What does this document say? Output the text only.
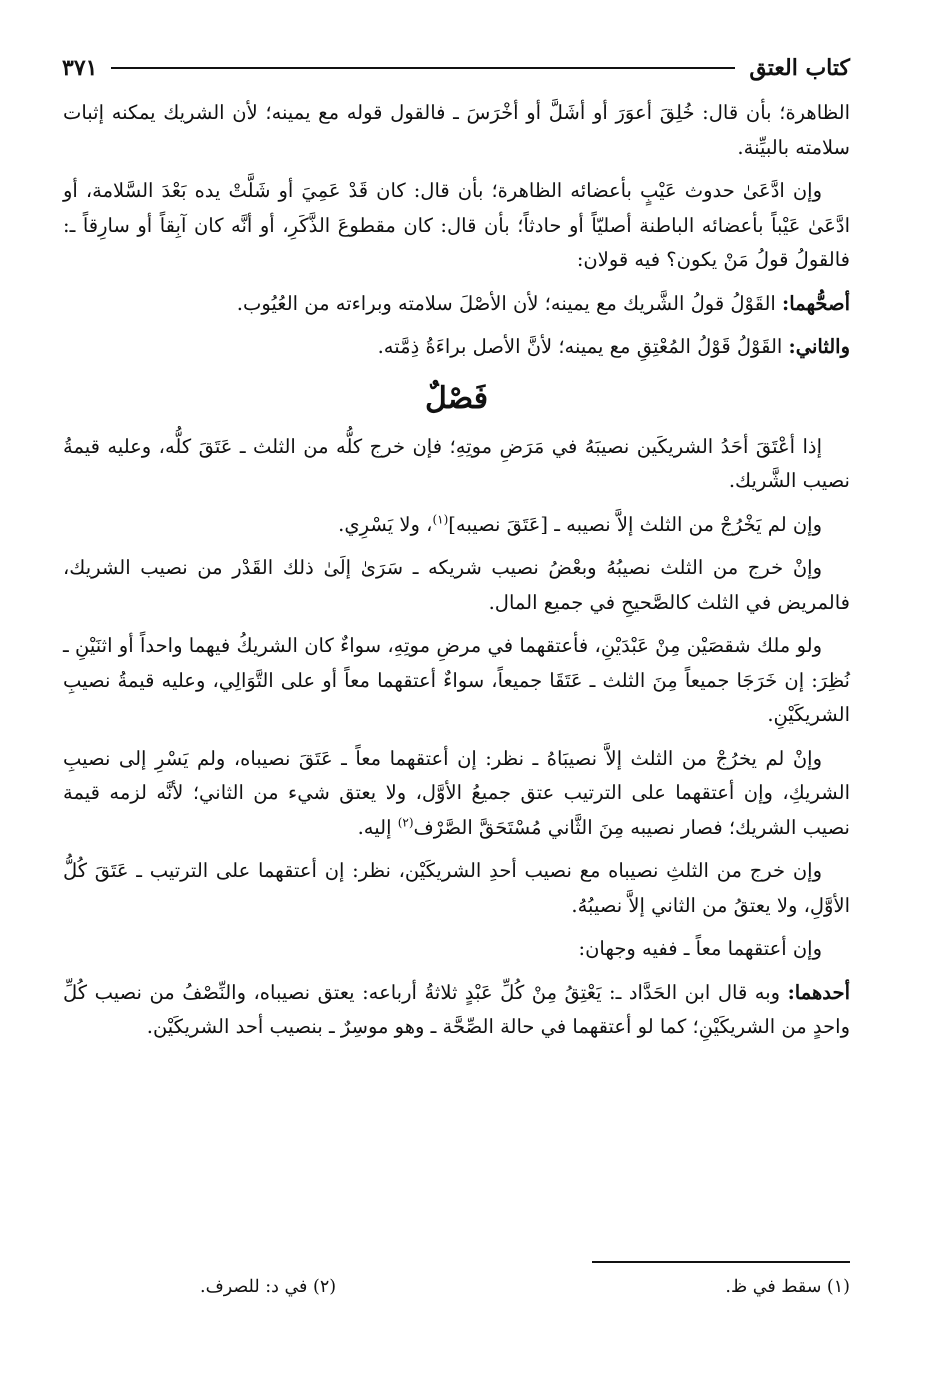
كتاب العتق
٣٧١

الظاهرة؛ بأن قال: خُلِقَ أعوَرَ أو أشَلَّ أو أخْرَسَ ـ فالقول قوله مع يمينه؛ لأن الشريك يمكنه إثبات سلامته بالبيِّنة.

وإن ادَّعَىٰ حدوث عَيْبٍ بأعضائه الظاهرة؛ بأن قال: كان قَدْ عَمِيَ أو شَلَّتْ يده بَعْدَ السَّلامة، أو ادَّعَىٰ عَيْباً بأعضائه الباطنة أصليّاً أو حادثاً؛ بأن قال: كان مقطوعَ الذَّكَرِ، أو أنَّه كان آبِقاً أو سارِقاً ـ: فالقولُ قولُ مَنْ يكون؟ فيه قولان:

أصحُّهما: القَوْلُ قولُ الشَّريك مع يمينه؛ لأن الأصْلَ سلامته وبراءته من العُيُوب.

والثاني: القَوْلُ قَوْلُ المُعْتِقِ مع يمينه؛ لأنَّ الأصل براءَةُ ذِمَّته.

فَصْلٌ

إذا أعْتَقَ أحَدُ الشريكَين نصيبَهُ في مَرَضِ موتِهِ؛ فإن خرج كلُّه من الثلث ـ عَتَقَ كلُّه، وعليه قيمةُ نصيب الشَّريك.

وإن لم يَخْرُجْ من الثلث إلاَّ نصيبه ـ [عَتَقَ نصيبه]$^{(١)}$، ولا يَسْرِي.

وإنْ خرج من الثلث نصيبُهُ وبعْضُ نصيب شريكه ـ سَرَىٰ إلَىٰ ذلك القَدْر من نصيب الشريك، فالمريض في الثلث كالصَّحيحِ في جميع المال.

ولو ملك شقصَيْن مِنْ عَبْدَيْنِ، فأعتقهما في مرضِ موتِهِ، سواءٌ كان الشريكُ فيهما واحداً أو اثنَيْنِ ـ نُظِرَ: إن خَرَجَا جميعاً مِنَ الثلث ـ عَتَقَا جميعاً، سواءٌ أعتقهما معاً أو على التَّوَالِي، وعليه قيمةُ نصيبِ الشريكَيْنِ.

وإنْ لم يخرُجْ من الثلث إلاَّ نصيبَاهُ ـ نظر: إن أعتقهما معاً ـ عَتَقَ نصيباه، ولم يَسْرِ إلى نصيبِ الشريكِ، وإن أعتقهما على الترتيب عتق جميعُ الأوَّل، ولا يعتق شيء من الثاني؛ لأنَّه لزمه قيمة نصيب الشريك؛ فصار نصيبه مِنَ الثَّاني مُسْتَحَقَّ الصَّرْف$^{(٢)}$ إليه.

وإن خرج من الثلثِ نصيباه مع نصيب أحدِ الشريكَيْن، نظر: إن أعتقهما على الترتيب ـ عَتَقَ كُلُّ الأوَّلِ، ولا يعتقُ من الثاني إلاَّ نصيبُهُ.

وإن أعتقهما معاً ـ ففيه وجهان:

أحدهما: وبه قال ابن الحَدَّاد ـ: يَعْتِقُ مِنْ كُلِّ عَبْدٍ ثلاثةُ أرباعه: يعتق نصيباه، والنِّصْفُ من نصيب كُلِّ واحدٍ من الشريكَيْنِ؛ كما لو أعتقهما في حالة الصِّحَّة ـ وهو موسِرٌ ـ بنصيب أحد الشريكَيْن.

(١) سقط في ظ.
(٢) في د: للصرف.
